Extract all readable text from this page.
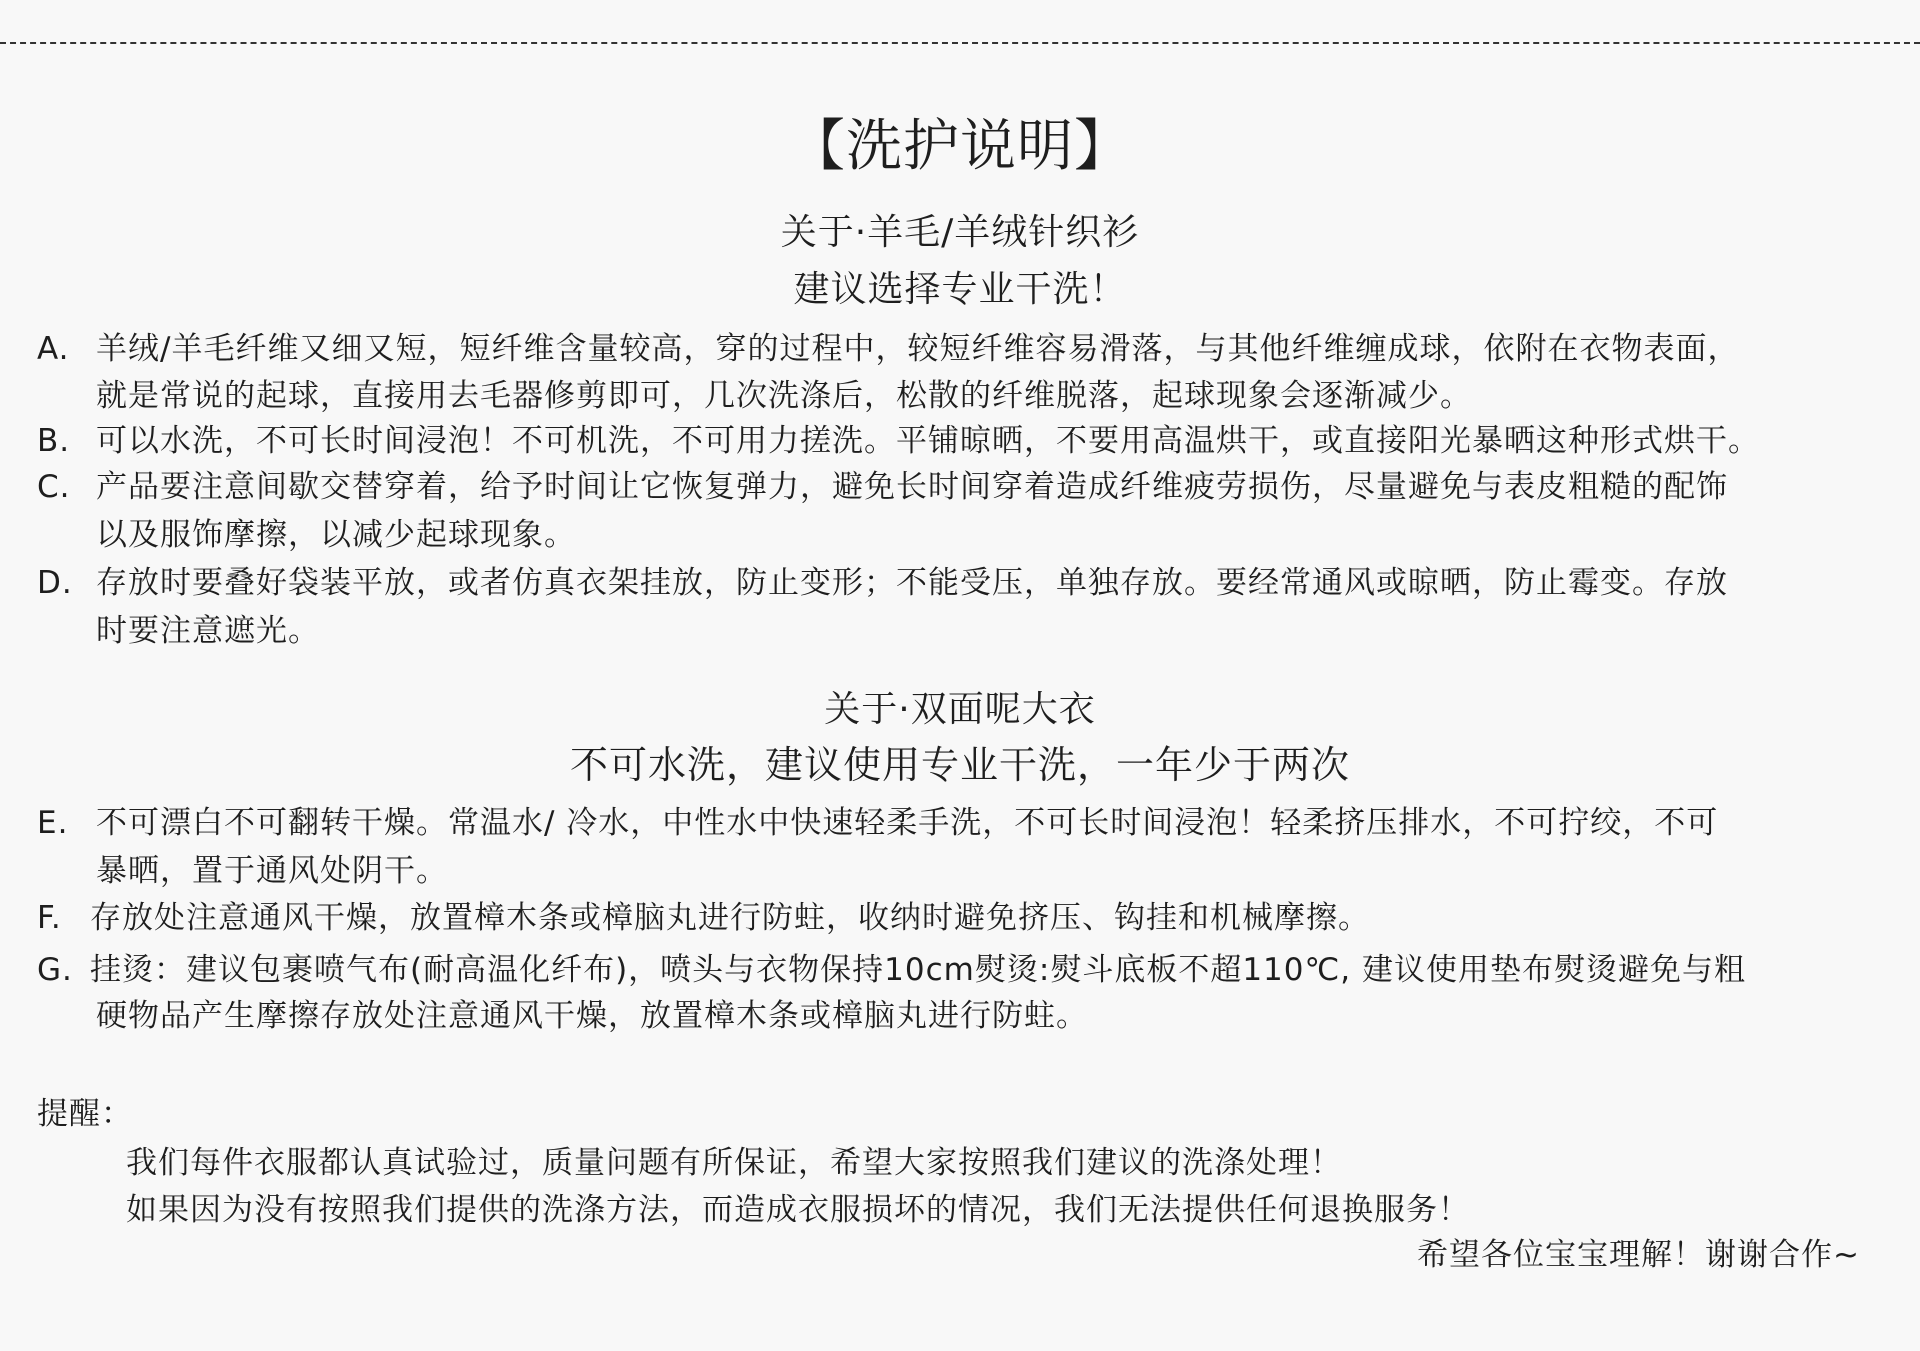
【洗护说明】
关于·羊毛/羊绒针织衫
建议选择专业干洗！
A. 羊绒/羊毛纤维又细又短，短纤维含量较高，穿的过程中，较短纤维容易滑落，与其他纤维缠成球，依附在衣物表面，
就是常说的起球，直接用去毛器修剪即可，几次洗涤后，松散的纤维脱落，起球现象会逐渐减少。
B. 可以水洗，不可长时间浸泡！不可机洗，不可用力搓洗。平铺晾晒，不要用高温烘干，或直接阳光暴晒这种形式烘干。
C. 产品要注意间歇交替穿着，给予时间让它恢复弹力，避免长时间穿着造成纤维疲劳损伤，尽量避免与表皮粗糙的配饰
以及服饰摩擦，以减少起球现象。
D. 存放时要叠好袋装平放，或者仿真衣架挂放，防止变形；不能受压，单独存放。要经常通风或晾晒，防止霉变。存放
时要注意遮光。
关于·双面呢大衣
不可水洗，建议使用专业干洗，一年少于两次
E. 不可漂白不可翻转干燥。常温水/ 冷水，中性水中快速轻柔手洗，不可长时间浸泡！轻柔挤压排水，不可拧绞，不可
暴晒，置于通风处阴干。
F. 存放处注意通风干燥，放置樟木条或樟脑丸进行防蛀，收纳时避免挤压、钩挂和机械摩擦。
G. 挂烫：建议包裹喷气布(耐高温化纤布)，喷头与衣物保持10cm熨烫:熨斗底板不超110℃, 建议使用垫布熨烫避免与粗
硬物品产生摩擦存放处注意通风干燥，放置樟木条或樟脑丸进行防蛀。
提醒：
我们每件衣服都认真试验过，质量问题有所保证，希望大家按照我们建议的洗涤处理！
如果因为没有按照我们提供的洗涤方法，而造成衣服损坏的情况，我们无法提供任何退换服务！
希望各位宝宝理解！谢谢合作~
